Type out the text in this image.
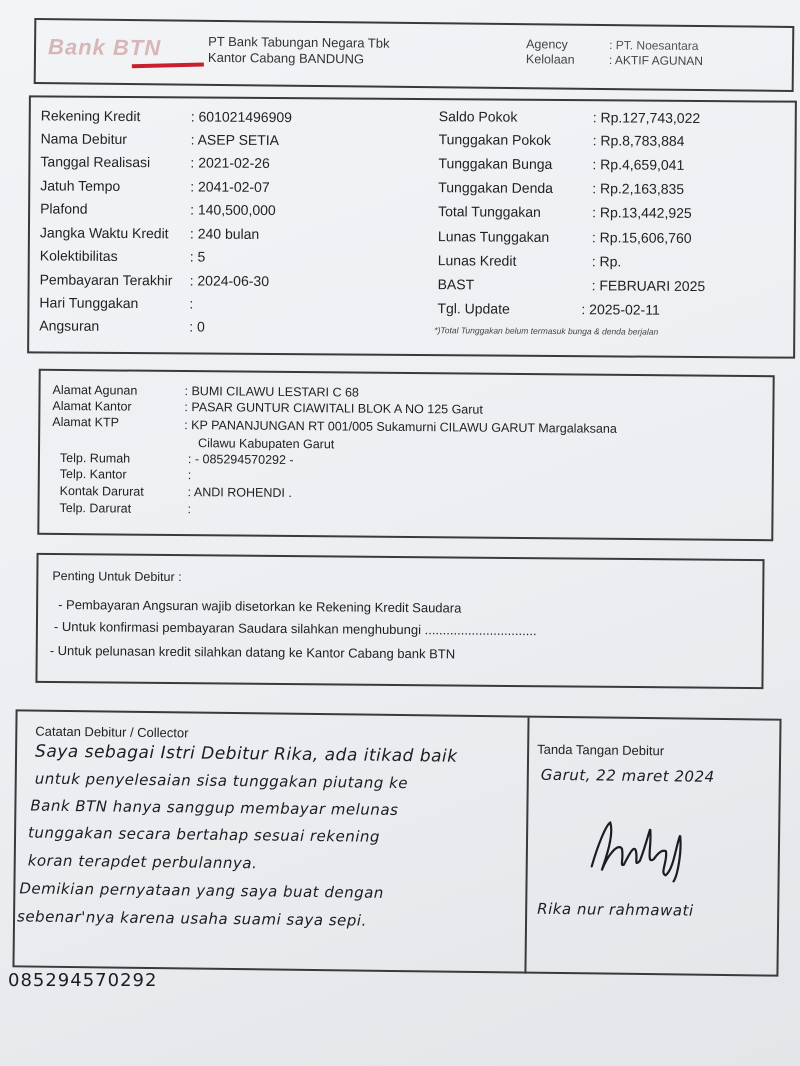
Bank BTN	PT Bank Tabungan Negara Tbk
Kantor Cabang BANDUNG
Agency	: PT. Noesantara
Kelolaan	: AKTIF AGUNAN
Rekening Kredit	: 601021496909
Nama Debitur	: ASEP SETIA
Tanggal Realisasi	: 2021-02-26
Jatuh Tempo	: 2041-02-07
Plafond	: 140,500,000
Jangka Waktu Kredit : 240 bulan
Kolektibilitas	: 5
Pembayaran Terakhir : 2024-06-30
Hari Tunggakan	:
Angsuran	: 0
Saldo Pokok	: Rp.127,743,022
Tunggakan Pokok	: Rp.8,783,884
Tunggakan Bunga	: Rp.4,659,041
Tunggakan Denda	: Rp.2,163,835
Total Tunggakan	: Rp.13,442,925
Lunas Tunggakan	: Rp.15,606,760
Lunas Kredit	: Rp.
BAST	: FEBRUARI 2025
Tgl. Update	: 2025-02-11
*)Total Tunggakan belum termasuk bunga & denda berjalan
Alamat Agunan	: BUMI CILAWU LESTARI C 68
Alamat Kantor	: PASAR GUNTUR CIAWITALI BLOK A NO 125 Garut
Alamat KTP	: KP PANANJUNGAN RT 001/005 Sukamurni CILAWU GARUT Margalaksana
Cilawu Kabupaten Garut
Telp. Rumah	: - 085294570292 -
Telp. Kantor	:
Kontak Darurat	: ANDI ROHENDI .
Telp. Darurat	:
Penting Untuk Debitur :
- Pembayaran Angsuran wajib disetorkan ke Rekening Kredit Saudara
- Untuk konfirmasi pembayaran Saudara silahkan menghubungi ...............................
- Untuk pelunasan kredit silahkan datang ke Kantor Cabang bank BTN
Catatan Debitur / Collector
Saya sebagai Istri Debitur Rika, ada itikad baik
untuk penyelesaian sisa tunggakan piutang ke
Bank BTN hanya sanggup membayar melunas
tunggakan secara bertahap sesuai rekening
koran terapdet perbulannya.
Demikian pernyataan yang saya buat dengan
sebenar'nya karena usaha suami saya sepi.
Tanda Tangan Debitur
Garut, 22 maret 2024
Rika nur rahmawati
085294570292
